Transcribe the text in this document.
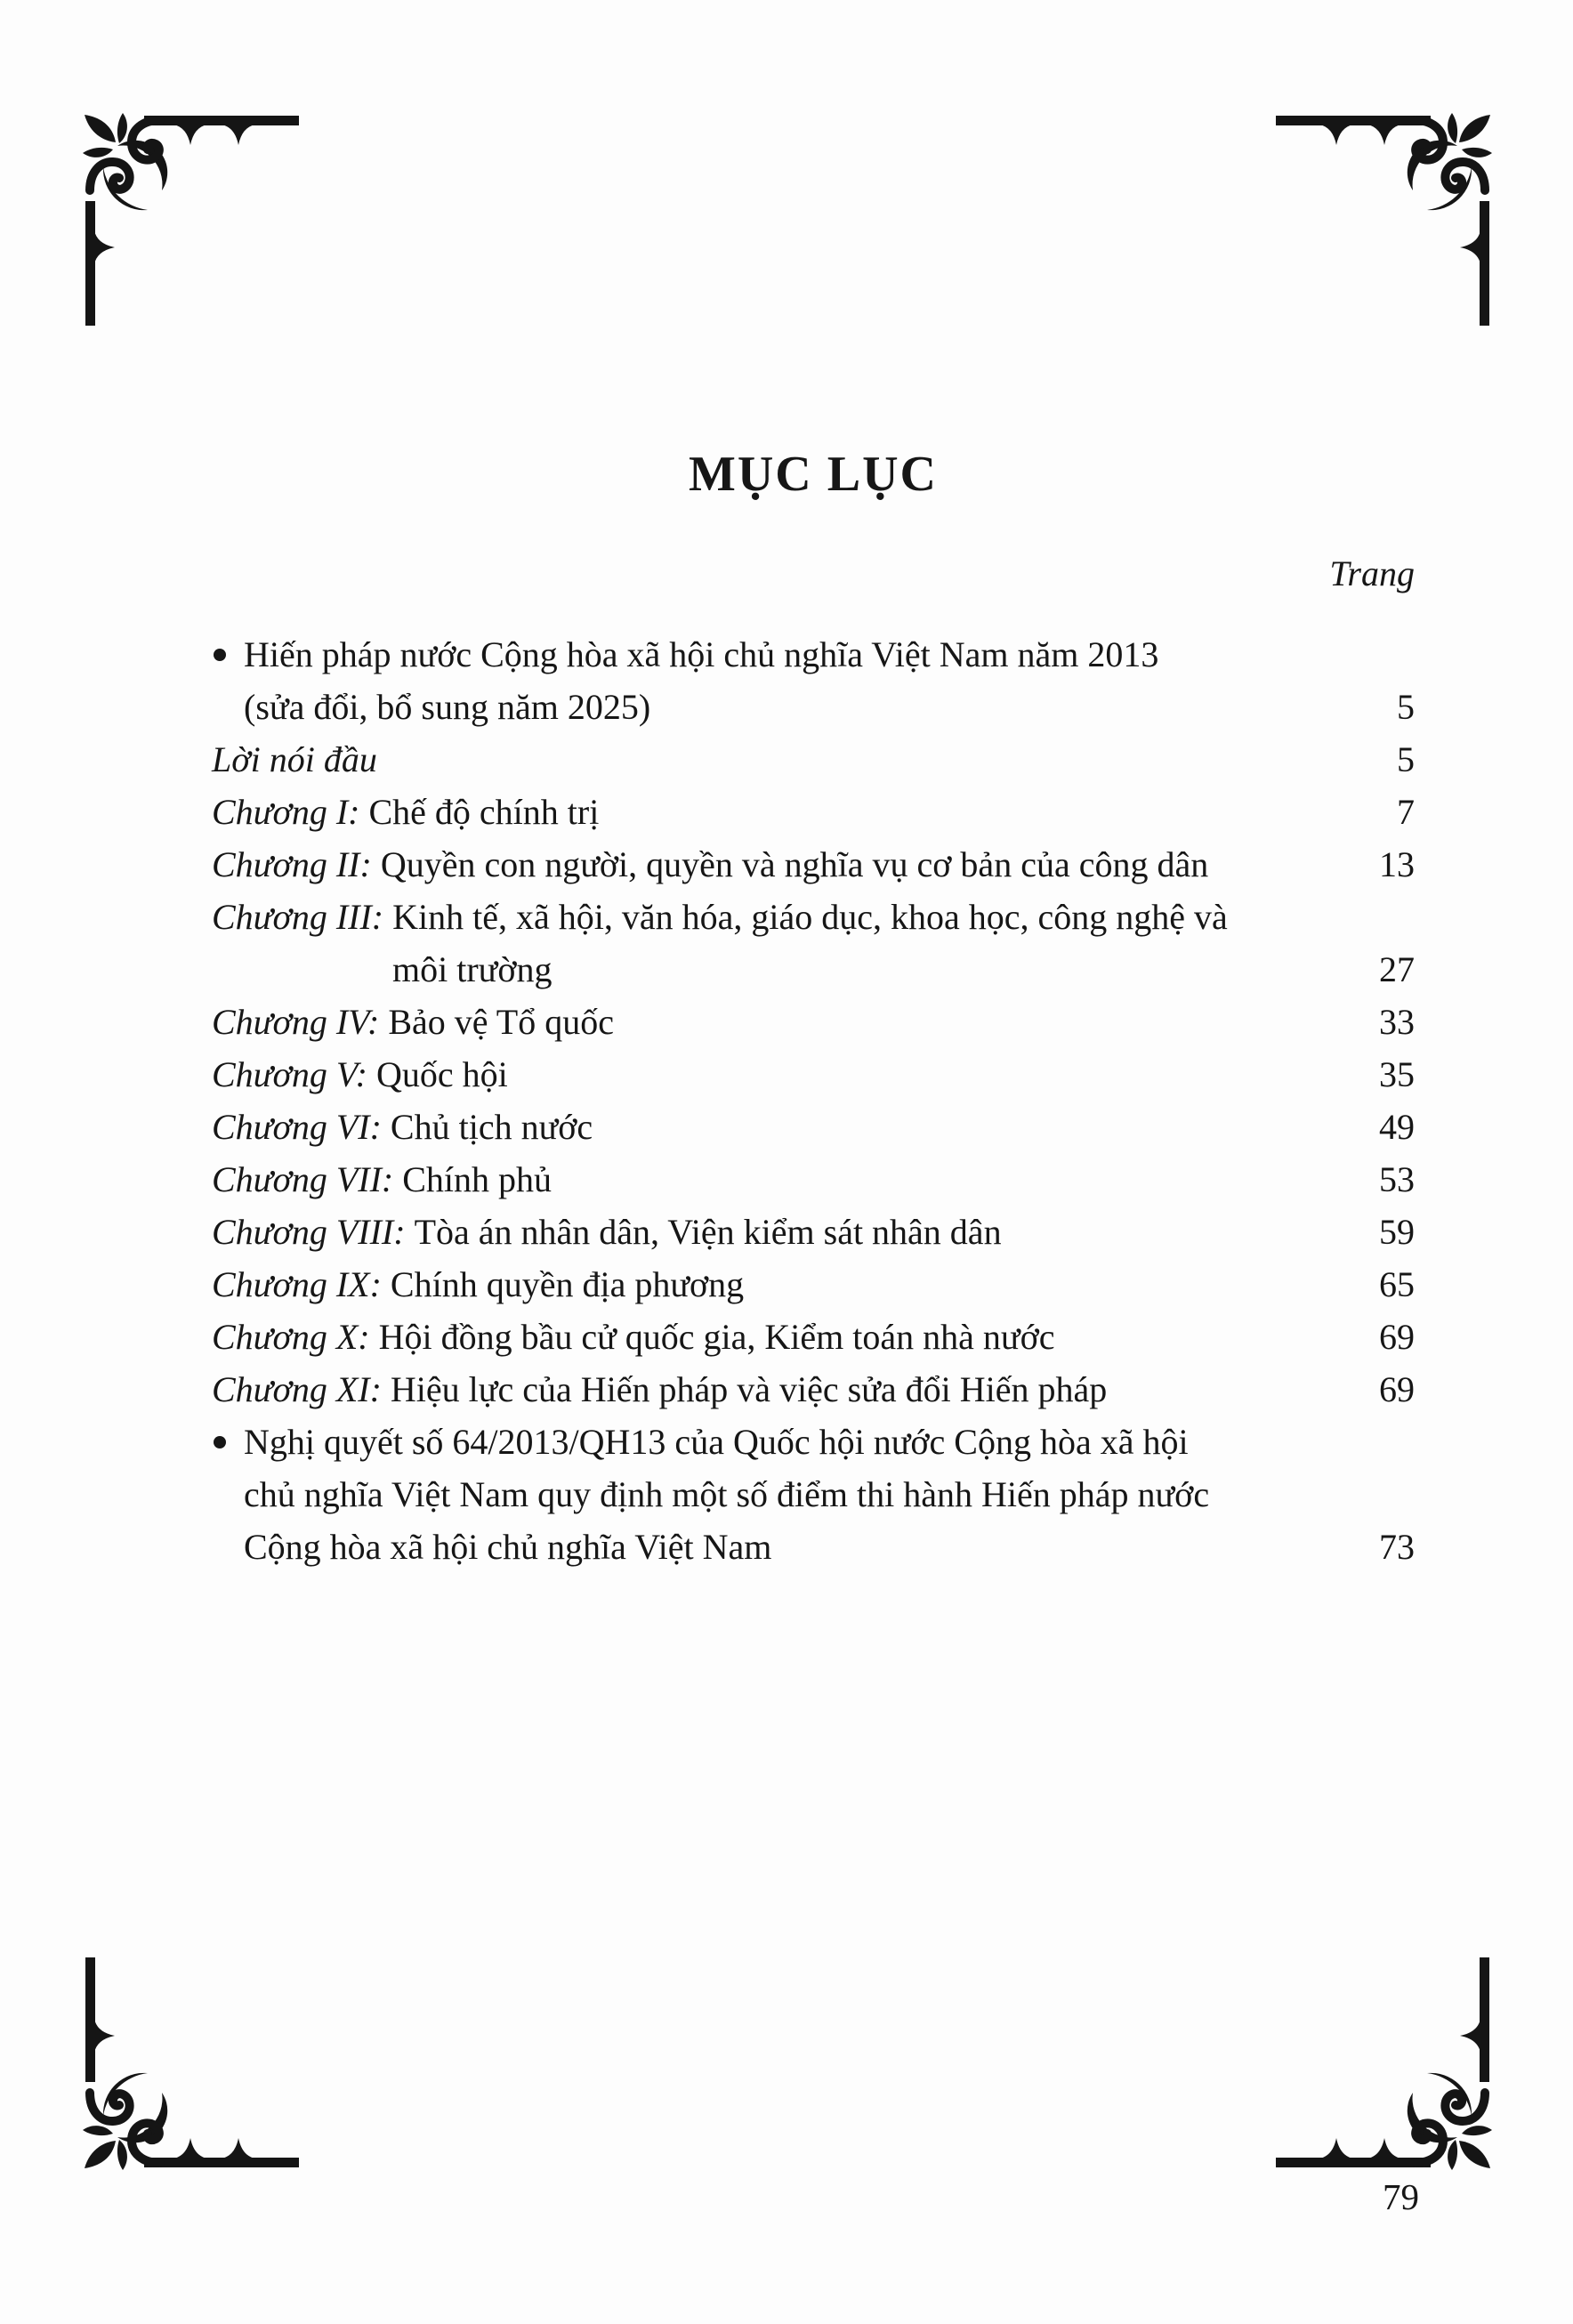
MỤC LỤC
Trang
Hiến pháp nước Cộng hòa xã hội chủ nghĩa Việt Nam năm 2013
(sửa đổi, bổ sung năm 2025)	5
Lời nói đầu	5
Chương I: Chế độ chính trị	7
Chương II: Quyền con người, quyền và nghĩa vụ cơ bản của công dân	13
Chương III: Kinh tế, xã hội, văn hóa, giáo dục, khoa học, công nghệ và
môi trường	27
Chương IV: Bảo vệ Tổ quốc	33
Chương V: Quốc hội	35
Chương VI: Chủ tịch nước	49
Chương VII: Chính phủ	53
Chương VIII: Tòa án nhân dân, Viện kiểm sát nhân dân	59
Chương IX: Chính quyền địa phương	65
Chương X: Hội đồng bầu cử quốc gia, Kiểm toán nhà nước	69
Chương XI: Hiệu lực của Hiến pháp và việc sửa đổi Hiến pháp	69
Nghị quyết số 64/2013/QH13 của Quốc hội nước Cộng hòa xã hội
chủ nghĩa Việt Nam quy định một số điểm thi hành Hiến pháp nước
Cộng hòa xã hội chủ nghĩa Việt Nam	73
79
